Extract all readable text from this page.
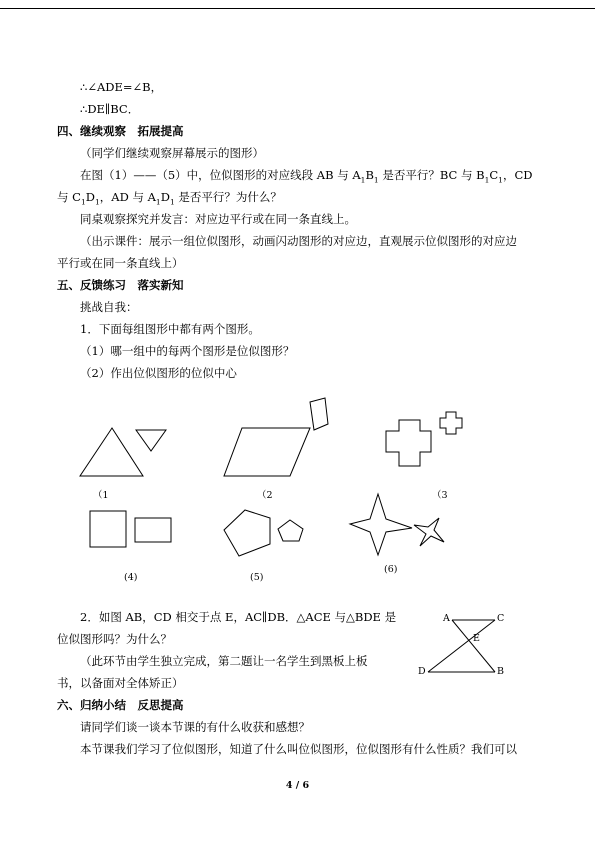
∴∠ADE=∠B，
∴DE∥BC．
四、继续观察　拓展提高
（同学们继续观察屏幕展示的图形）
在图（1）——（5）中，位似图形的对应线段 AB 与 $A_1B_1$ 是否平行？BC 与 $B_1C_1$，CD
与 $C_1D_1$，AD 与 $A_1D_1$ 是否平行？为什么？
同桌观察探究并发言：对应边平行或在同一条直线上。
（出示课件：展示一组位似图形，动画闪动图形的对应边，直观展示位似图形的对应边
平行或在同一条直线上）
五、反馈练习　落实新知
挑战自我：
1．下面每组图形中都有两个图形。
（1）哪一组中的每两个图形是位似图形？
（2）作出位似图形的位似中心
（1	（2	（3
(4)	(5)
(6)
2．如图 AB，CD 相交于点 E，AC∥DB．△ACE 与△BDE 是
位似图形吗？为什么？
（此环节由学生独立完成，第二题让一名学生到黑板上板
书，以备面对全体矫正）
A	C
E
D	B
六、归纳小结　反思提高
请同学们谈一谈本节课的有什么收获和感想？
本节课我们学习了位似图形，知道了什么叫位似图形，位似图形有什么性质？我们可以
4 / 6
